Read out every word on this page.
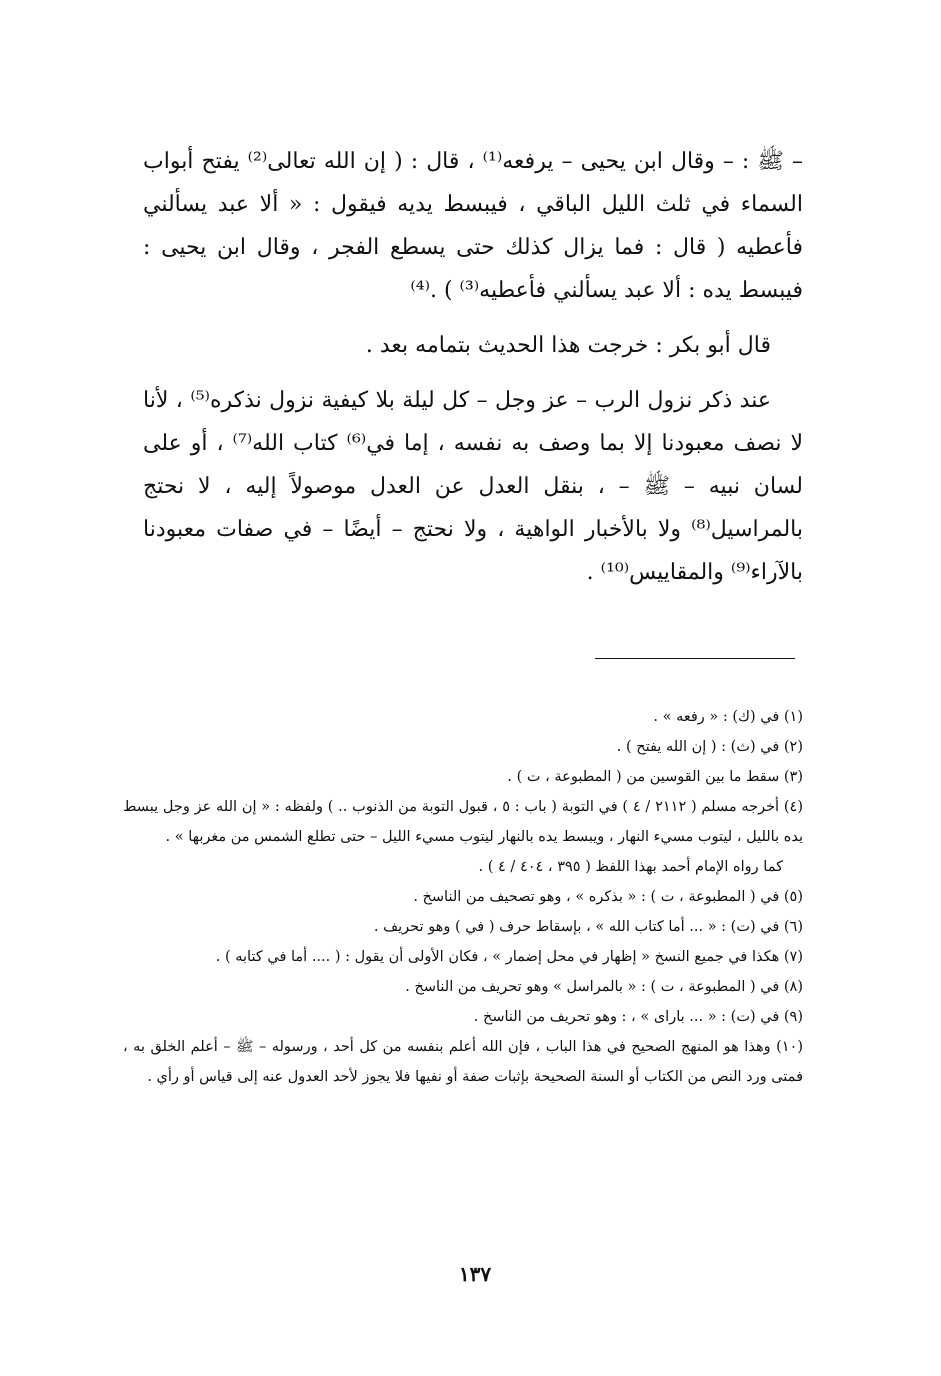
– ﷺ : – وقال ابن يحيى – يرفعه⁽¹⁾ ، قال : ( إن الله تعالى⁽²⁾ يفتح أبواب السماء في ثلث الليل الباقي ، فيبسط يديه فيقول : « ألا عبد يسألني فأعطيه ( قال : فما يزال كذلك حتى يسطع الفجر ، وقال ابن يحيى : فيبسط يده : ألا عبد يسألني فأعطيه⁽³⁾ ) .⁽⁴⁾

قال أبو بكر : خرجت هذا الحديث بتمامه بعد .

عند ذكر نزول الرب – عز وجل – كل ليلة بلا كيفية نزول نذكره⁽⁵⁾ ، لأنا لا نصف معبودنا إلا بما وصف به نفسه ، إما في⁽⁶⁾ كتاب الله⁽⁷⁾ ، أو على لسان نبيه – ﷺ – ، بنقل العدل عن العدل موصولاً إليه ، لا نحتج بالمراسيل⁽⁸⁾ ولا بالأخبار الواهية ، ولا نحتج – أيضًا – في صفات معبودنا بالآراء⁽⁹⁾ والمقاييس⁽¹⁰⁾ .

(١) في (ك) : « رفعه » .

(٢) في (ث) : ( إن الله يفتح ) .

(٣) سقط ما بين القوسين من ( المطبوعة ، ت ) .

(٤) أخرجه مسلم ( ٢١١٢ / ٤ ) في التوبة ( باب : ٥ ، قبول التوبة من الذنوب .. ) ولفظه : « إن الله عز وجل يبسط يده بالليل ، ليتوب مسيء النهار ، ويبسط يده بالنهار ليتوب مسيء الليل – حتى تطلع الشمس من مغربها » .

كما رواه الإمام أحمد بهذا اللفظ ( ٣٩٥ ، ٤٠٤ / ٤ ) .

(٥) في ( المطبوعة ، ت ) : « بذكره » ، وهو تصحيف من الناسخ .

(٦) في (ت) : « ... أما كتاب الله » ، بإسقاط حرف ( في ) وهو تحريف .

(٧) هكذا في جميع النسخ « إظهار في محل إضمار » ، فكان الأولى أن يقول : ( .... أما في كتابه ) .

(٨) في ( المطبوعة ، ت ) : « بالمراسل » وهو تحريف من الناسخ .

(٩) في (ت) : « ... باراى » ، : وهو تحريف من الناسخ .

(١٠) وهذا هو المنهج الصحيح في هذا الباب ، فإن الله أعلم بنفسه من كل أحد ، ورسوله – ﷺ – أعلم الخلق به ، فمتى ورد النص من الكتاب أو السنة الصحيحة بإثبات صفة أو نفيها فلا يجوز لأحد العدول عنه إلى قياس أو رأي .

١٣٧
